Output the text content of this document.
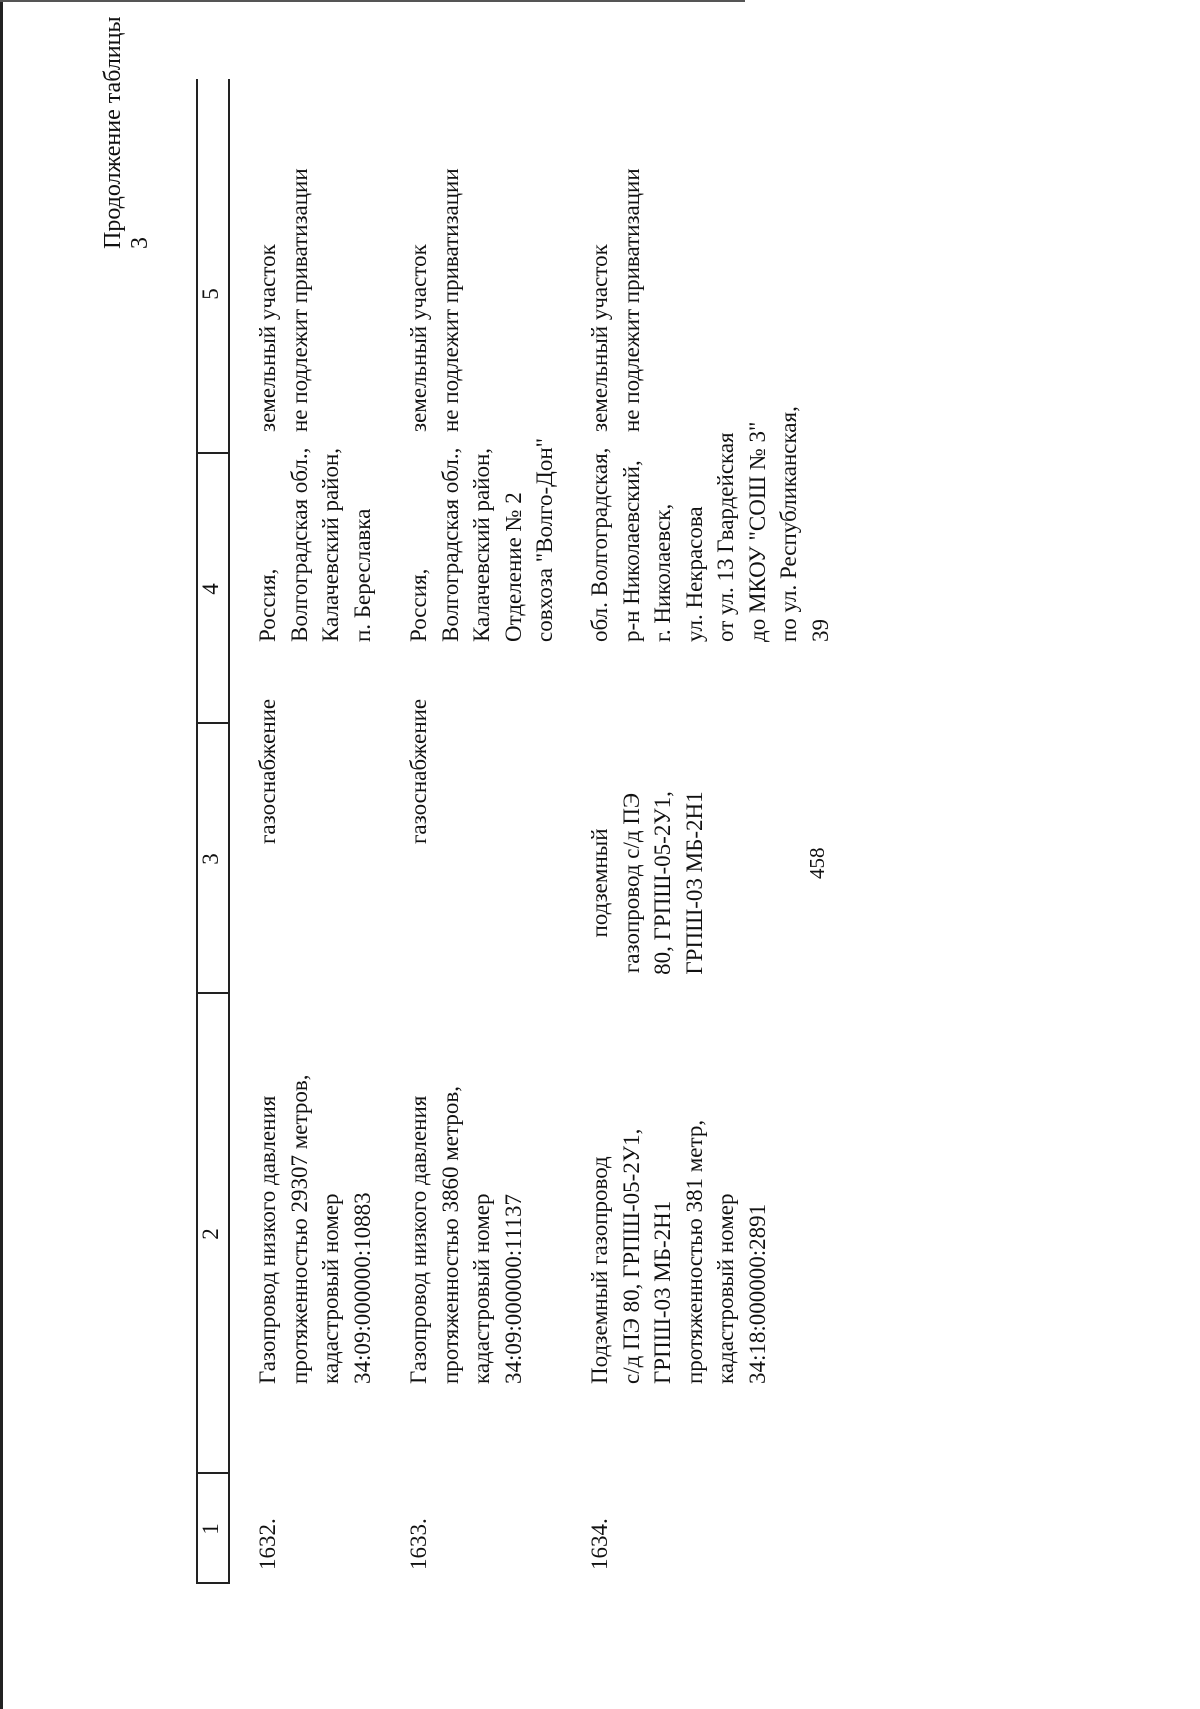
458
Продолжение таблицы 3
1
2
3
4
5
1632.
Газопровод низкого давления
протяженностью 29307 метров,
кадастровый номер
34:09:000000:10883
газоснабжение
Россия,
Волгоградская обл.,
Калачевский район,
п. Береславка
земельный участок
не подлежит приватизации
1633.
Газопровод низкого давления
протяженностью 3860 метров,
кадастровый номер
34:09:000000:11137
газоснабжение
Россия,
Волгоградская обл.,
Калачевский район,
Отделение № 2
совхоза "Волго-Дон"
земельный участок
не подлежит приватизации
1634.
Подземный газопровод
с/д ПЭ 80, ГРПШ-05-2У1,
ГРПШ-03 МБ-2Н1
протяженностью 381 метр,
кадастровый номер
34:18:000000:2891
подземный
газопровод с/д ПЭ
80, ГРПШ-05-2У1,
ГРПШ-03 МБ-2Н1
обл. Волгоградская,
р-н Николаевский,
г. Николаевск,
ул. Некрасова
от ул. 13 Гвардейская
до МКОУ "СОШ № 3"
по ул. Республиканская,
39
земельный участок
не подлежит приватизации
